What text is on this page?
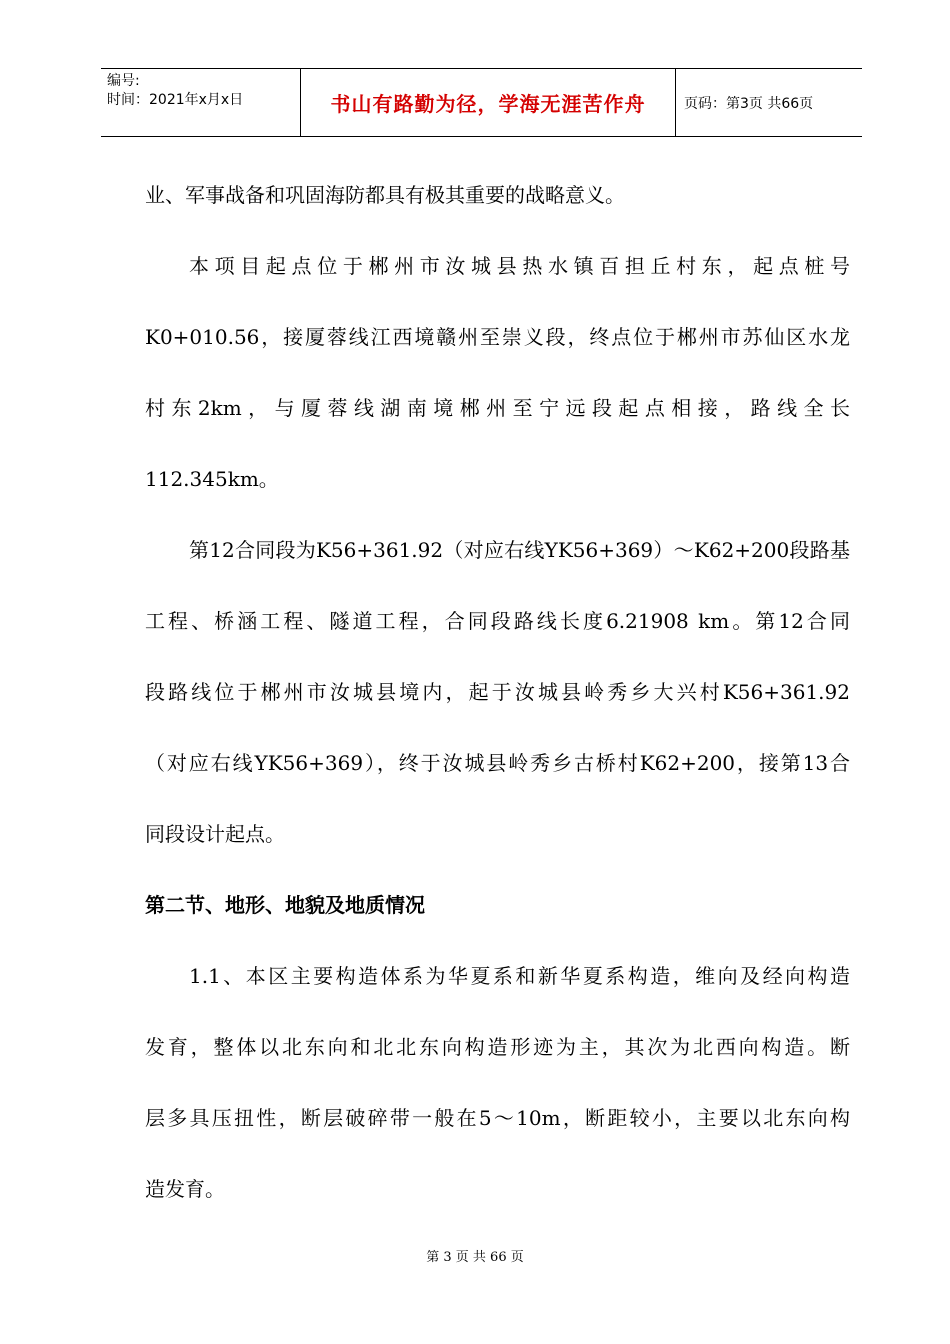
编号:
时间：2021年x月x日	书山有路勤为径，学海无涯苦作舟	页码：第3页 共66页

业、军事战备和巩固海防都具有极其重要的战略意义。

本项目起点位于郴州市汝城县热水镇百担丘村东，起点桩号

K0+010.56，接厦蓉线江西境赣州至崇义段，终点位于郴州市苏仙区水龙

村东2km，与厦蓉线湖南境郴州至宁远段起点相接，路线全长

112.345km。

第12合同段为K56+361.92（对应右线YK56+369）～K62+200段路基

工程、桥涵工程、隧道工程，合同段路线长度6.21908 km。第12合同

段路线位于郴州市汝城县境内，起于汝城县岭秀乡大兴村K56+361.92

（对应右线YK56+369），终于汝城县岭秀乡古桥村K62+200，接第13合

同段设计起点。

第二节、地形、地貌及地质情况

1.1、本区主要构造体系为华夏系和新华夏系构造，维向及经向构造

发育，整体以北东向和北北东向构造形迹为主，其次为北西向构造。断

层多具压扭性，断层破碎带一般在5～10m，断距较小，主要以北东向构

造发育。

第 3 页 共 66 页
